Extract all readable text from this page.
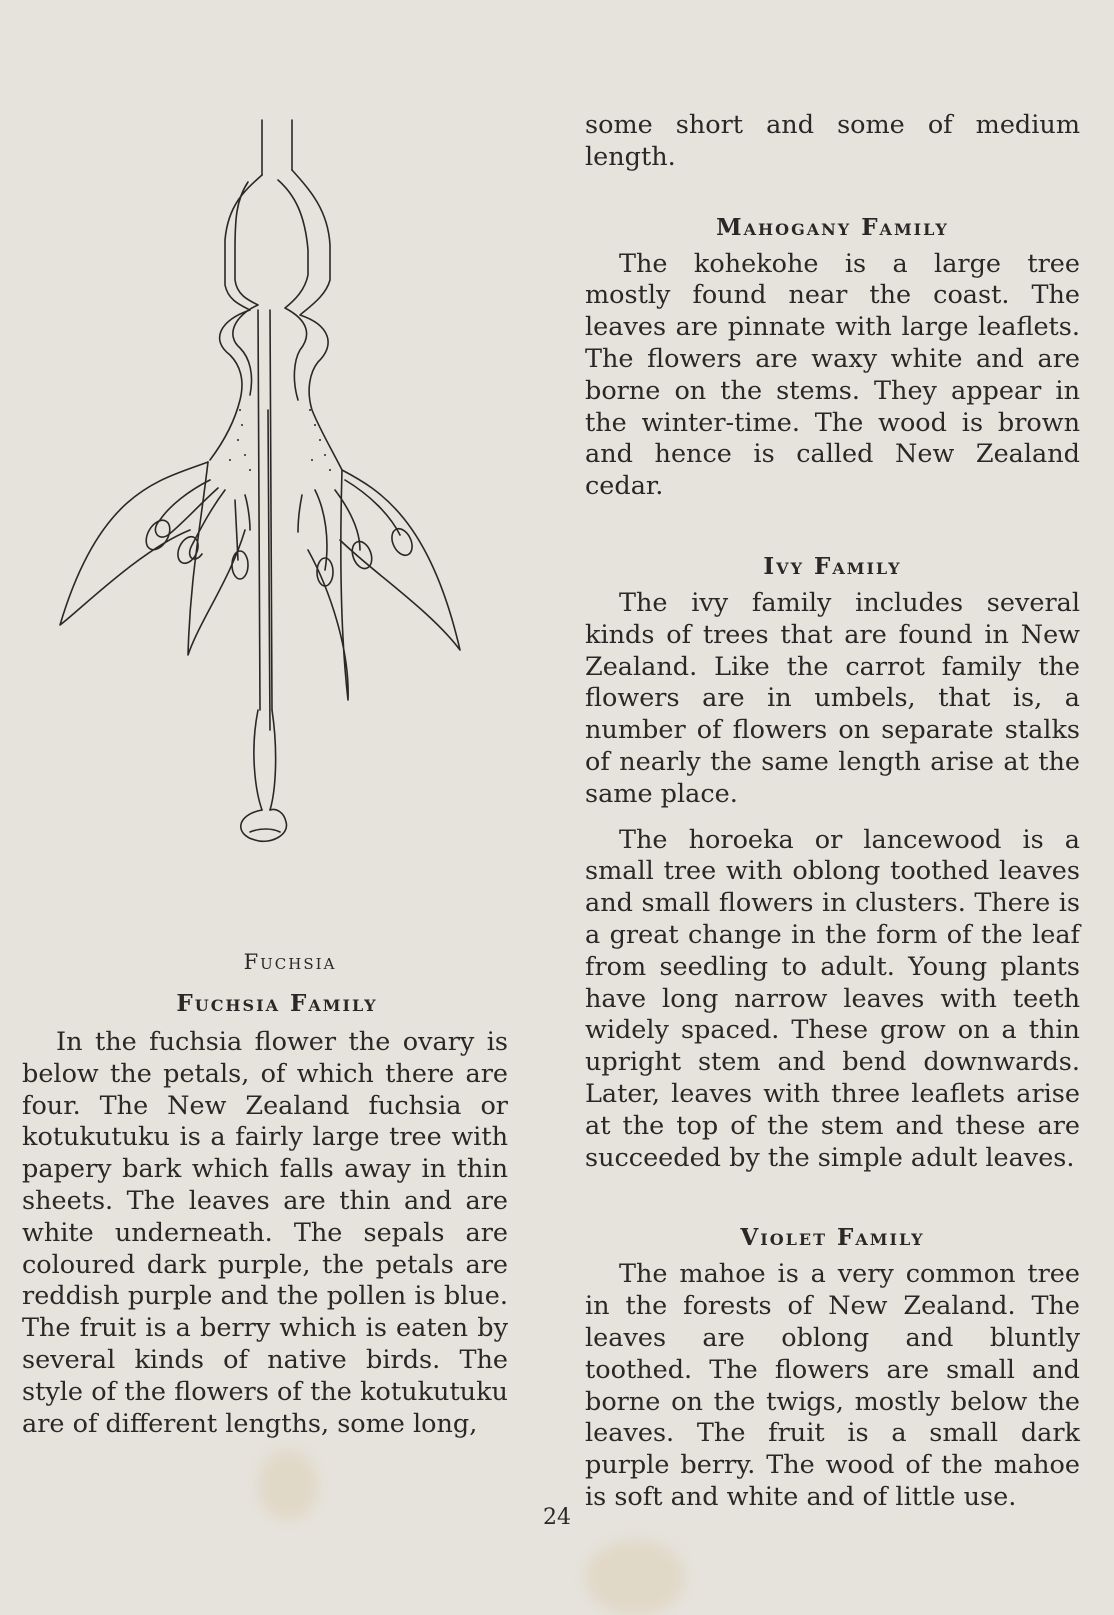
Fuchsia

Fuchsia Family

In the fuchsia flower the ovary is below the petals, of which there are four. The New Zealand fuchsia or kotukutuku is a fairly large tree with papery bark which falls away in thin sheets. The leaves are thin and are white underneath. The sepals are coloured dark purple, the petals are reddish purple and the pollen is blue. The fruit is a berry which is eaten by several kinds of native birds. The style of the flowers of the kotukutuku are of different lengths, some long,

some short and some of medium length.

Mahogany Family

The kohekohe is a large tree mostly found near the coast. The leaves are pinnate with large leaflets. The flowers are waxy white and are borne on the stems. They appear in the winter-time. The wood is brown and hence is called New Zealand cedar.

Ivy Family

The ivy family includes several kinds of trees that are found in New Zealand. Like the carrot family the flowers are in umbels, that is, a number of flowers on separate stalks of nearly the same length arise at the same place.

The horoeka or lancewood is a small tree with oblong toothed leaves and small flowers in clusters. There is a great change in the form of the leaf from seedling to adult. Young plants have long narrow leaves with teeth widely spaced. These grow on a thin upright stem and bend downwards. Later, leaves with three leaflets arise at the top of the stem and these are succeeded by the simple adult leaves.

Violet Family

The mahoe is a very common tree in the forests of New Zealand. The leaves are oblong and bluntly toothed. The flowers are small and borne on the twigs, mostly below the leaves. The fruit is a small dark purple berry. The wood of the mahoe is soft and white and of little use.

24
